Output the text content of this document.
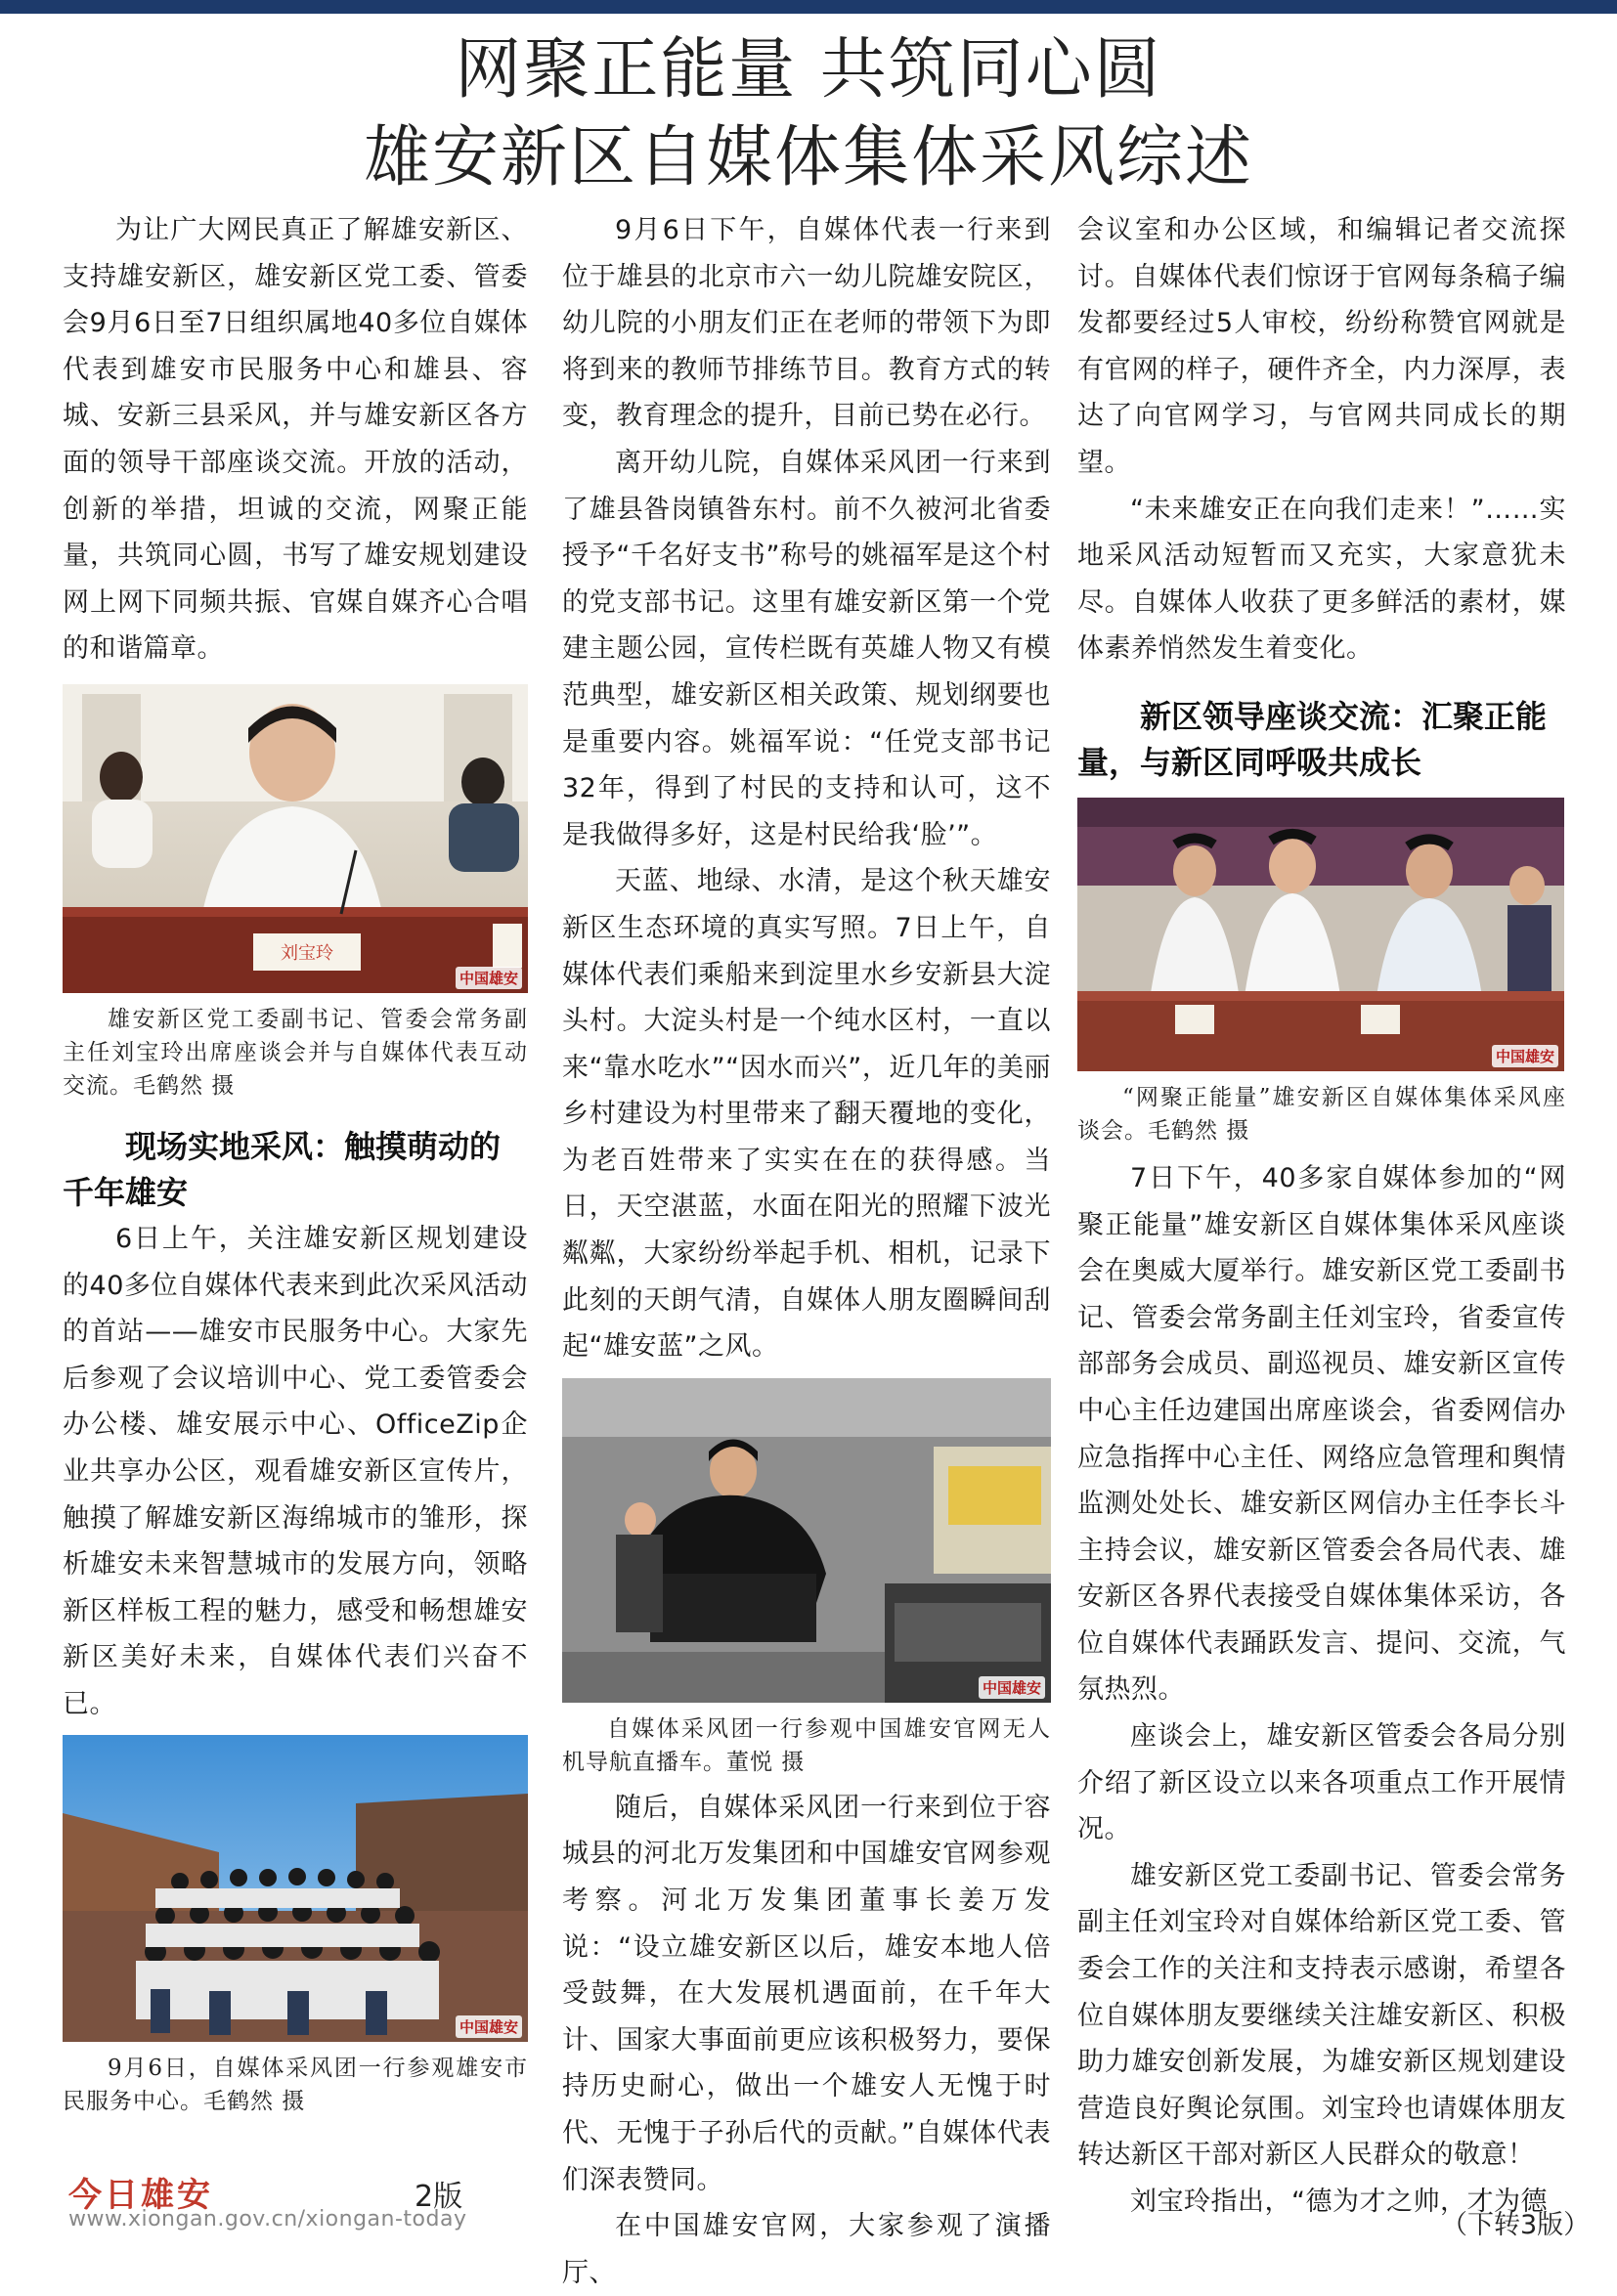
网聚正能量 共筑同心圆
雄安新区自媒体集体采风综述

为让广大网民真正了解雄安新区、支持雄安新区，雄安新区党工委、管委会9月6日至7日组织属地40多位自媒体代表到雄安市民服务中心和雄县、容城、安新三县采风，并与雄安新区各方面的领导干部座谈交流。开放的活动，创新的举措，坦诚的交流，网聚正能量，共筑同心圆，书写了雄安规划建设网上网下同频共振、官媒自媒齐心合唱的和谐篇章。

刘宝玲
中国雄安
雄安新区党工委副书记、管委会常务副主任刘宝玲出席座谈会并与自媒体代表互动交流。毛鹤然 摄
现场实地采风：触摸萌动的千年雄安

6日上午，关注雄安新区规划建设的40多位自媒体代表来到此次采风活动的首站——雄安市民服务中心。大家先后参观了会议培训中心、党工委管委会办公楼、雄安展示中心、OfficeZip企业共享办公区，观看雄安新区宣传片，触摸了解雄安新区海绵城市的雏形，探析雄安未来智慧城市的发展方向，领略新区样板工程的魅力，感受和畅想雄安新区美好未来，自媒体代表们兴奋不已。

中国雄安
9月6日，自媒体采风团一行参观雄安市民服务中心。毛鹤然 摄

9月6日下午，自媒体代表一行来到位于雄县的北京市六一幼儿院雄安院区，幼儿院的小朋友们正在老师的带领下为即将到来的教师节排练节目。教育方式的转变，教育理念的提升，目前已势在必行。

离开幼儿院，自媒体采风团一行来到了雄县昝岗镇昝东村。前不久被河北省委授予“千名好支书”称号的姚福军是这个村的党支部书记。这里有雄安新区第一个党建主题公园，宣传栏既有英雄人物又有模范典型，雄安新区相关政策、规划纲要也是重要内容。姚福军说：“任党支部书记32年，得到了村民的支持和认可，这不是我做得多好，这是村民给我‘脸’”。

天蓝、地绿、水清，是这个秋天雄安新区生态环境的真实写照。7日上午，自媒体代表们乘船来到淀里水乡安新县大淀头村。大淀头村是一个纯水区村，一直以来“靠水吃水”“因水而兴”，近几年的美丽乡村建设为村里带来了翻天覆地的变化，为老百姓带来了实实在在的获得感。当日，天空湛蓝，水面在阳光的照耀下波光粼粼，大家纷纷举起手机、相机，记录下此刻的天朗气清，自媒体人朋友圈瞬间刮起“雄安蓝”之风。

中国雄安
自媒体采风团一行参观中国雄安官网无人机导航直播车。董悦 摄

随后，自媒体采风团一行来到位于容城县的河北万发集团和中国雄安官网参观考察。河北万发集团董事长姜万发说：“设立雄安新区以后，雄安本地人倍受鼓舞，在大发展机遇面前，在千年大计、国家大事面前更应该积极努力，要保持历史耐心，做出一个雄安人无愧于时代、无愧于子孙后代的贡献。”自媒体代表们深表赞同。

在中国雄安官网，大家参观了演播厅、

会议室和办公区域，和编辑记者交流探讨。自媒体代表们惊讶于官网每条稿子编发都要经过5人审校，纷纷称赞官网就是有官网的样子，硬件齐全，内力深厚，表达了向官网学习，与官网共同成长的期望。

“未来雄安正在向我们走来！”……实地采风活动短暂而又充实，大家意犹未尽。自媒体人收获了更多鲜活的素材，媒体素养悄然发生着变化。

新区领导座谈交流：汇聚正能量，与新区同呼吸共成长
中国雄安
“网聚正能量”雄安新区自媒体集体采风座谈会。毛鹤然 摄

7日下午，40多家自媒体参加的“网聚正能量”雄安新区自媒体集体采风座谈会在奥威大厦举行。雄安新区党工委副书记、管委会常务副主任刘宝玲，省委宣传部部务会成员、副巡视员、雄安新区宣传中心主任边建国出席座谈会，省委网信办应急指挥中心主任、网络应急管理和舆情监测处处长、雄安新区网信办主任李长斗主持会议，雄安新区管委会各局代表、雄安新区各界代表接受自媒体集体采访，各位自媒体代表踊跃发言、提问、交流，气氛热烈。

座谈会上，雄安新区管委会各局分别介绍了新区设立以来各项重点工作开展情况。

雄安新区党工委副书记、管委会常务副主任刘宝玲对自媒体给新区党工委、管委会工作的关注和支持表示感谢，希望各位自媒体朋友要继续关注雄安新区、积极助力雄安创新发展，为雄安新区规划建设营造良好舆论氛围。刘宝玲也请媒体朋友转达新区干部对新区人民群众的敬意！

刘宝玲指出，“德为才之帅，才为德

今日雄安	2版
www.xiongan.gov.cn/xiongan-today	（下转3版）
